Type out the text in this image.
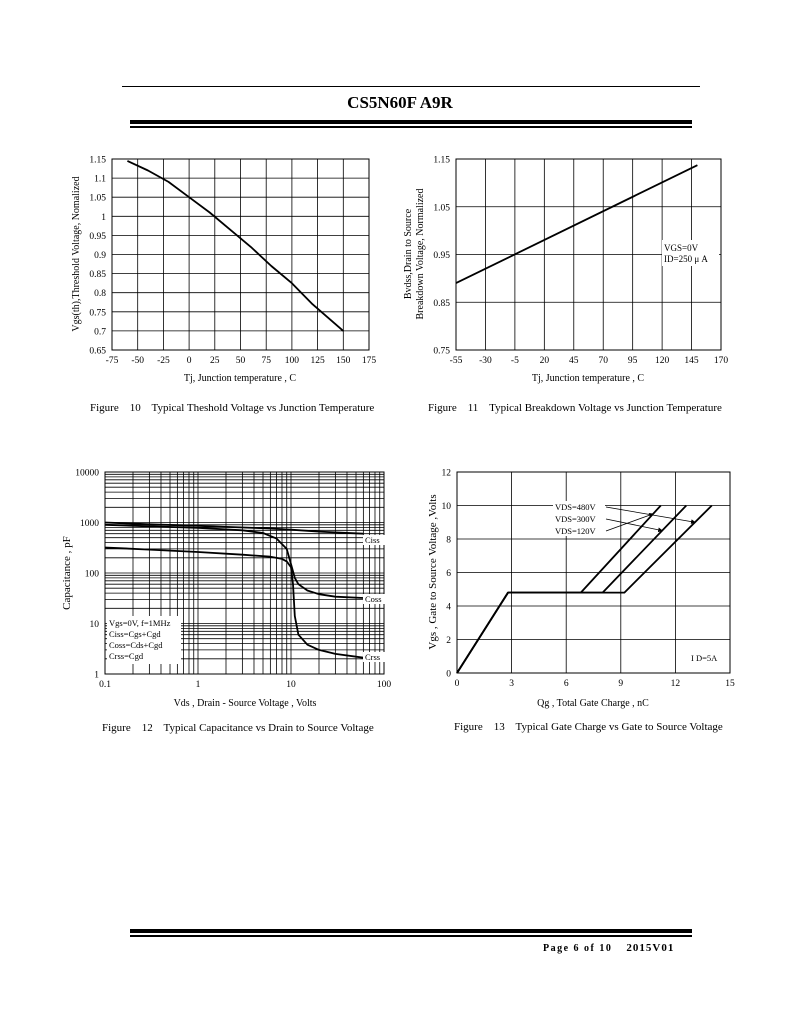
CS5N60F A9R
-75 -50 -25 0 25 50 75 100 125 150 175
0.65
0.7
0.75
0.8
0.85
0.9
0.95
1
1.05
1.1
1.15
Tj, Junction temperature , C
Vgs(th),Threshold Voltage, Nomalized
Figure    10    Typical Theshold Voltage vs Junction Temperature
-55 -30 -5 20 45 70 95 120 145 170
0.75
0.85
0.95
1.05
1.15
VGS=0V
ID=250 μ A
Tj, Junction temperature , C
Bvdss,Drain to Source Breakdown Voltage, Normalized
Figure    11    Typical Breakdown Voltage vs Junction Temperature
0.1	1	10	100
1
10
100
1000
10000
Vgs=0V, f=1MHz
Ciss=Cgs+Cgd
Coss=Cds+Cgd
Crss=Cgd
Ciss
Coss
Crss
Vds , Drain - Source Voltage , Volts
Capacitance , pF
Figure    12    Typical Capacitance vs Drain to Source Voltage
0	3	6	9	12	15
0
2
4
6
8
10
12
VDS=480V
VDS=300V
VDS=120V
I D=5A
Qg , Total Gate Charge , nC
Vgs , Gate to Source Voltage ,Volts
Figure    13    Typical Gate Charge vs Gate to Source Voltage
Page 6 of 10 2015V01
